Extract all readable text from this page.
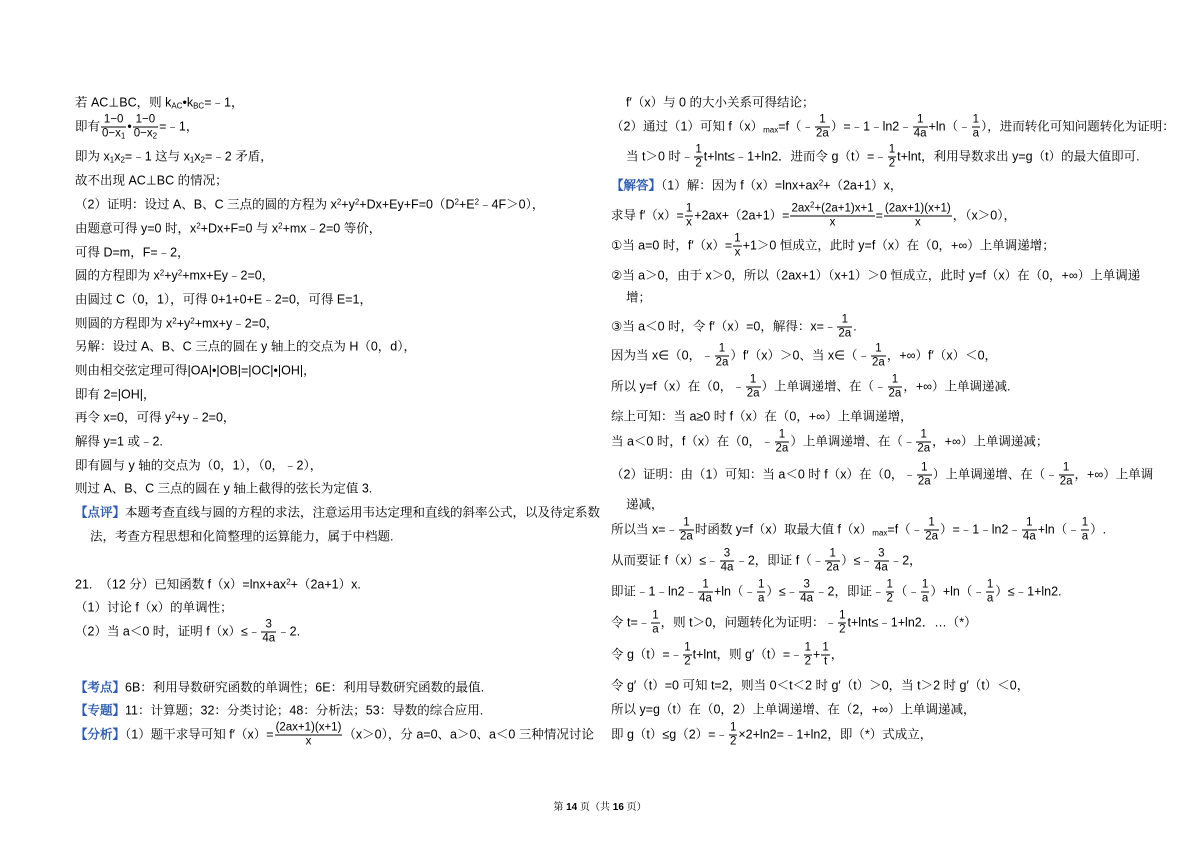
若 AC⊥BC，则 $k_{AC}•k_{BC}=﹣1$，
即有 $\frac{1-0}{0-x_1}$ • $\frac{1-0}{0-x_2}$ =﹣1，
即为 $x_1x_2=﹣1$ 这与 $x_1x_2=﹣2$ 矛盾，
故不出现 AC⊥BC 的情况；
（2）证明：设过 A、B、C 三点的圆的方程为 $x^2+y^2+Dx+Ey+F=0(D^2+E^2﹣4F>0)$，
由题意可得 y=0 时，$x^2+Dx+F=0$ 与 $x^2+mx﹣2=0$ 等价，
可得 D=m，F=﹣2，
圆的方程即为 $x^2+y^2+mx+Ey﹣2=0$，
由圆过 C（0，1），可得 0+1+0+E﹣2=0，可得 E=1，
则圆的方程即为 $x^2+y^2+mx+y﹣2=0$，
另解：设过 A、B、C 三点的圆在 y 轴上的交点为 H（0，d），
则由相交弦定理可得|OA|•|OB|=|OC|•|OH|，
即有 2=|OH|，
再令 x=0，可得 $y^2+y﹣2=0$，
解得 y=1 或﹣2.
即有圆与 y 轴的交点为（0，1），（0，﹣2），
则过 A、B、C 三点的圆在 y 轴上截得的弦长为定值 3.
【点评】本题考查直线与圆的方程的求法，注意运用韦达定理和直线的斜率公式，以及待定系数
法，考查方程思想和化简整理的运算能力，属于中档题.
21.  （12 分）已知函数 $f(x)=\ln x+ax^2+(2a+1)x$.
（1）讨论 f（x）的单调性；
（2）当 a＜0 时，证明 f（x）≤﹣ $\frac{3}{4a}$ ﹣2.
【考点】6B：利用导数研究函数的单调性；6E：利用导数研究函数的最值.
【专题】11：计算题；32：分类讨论；48：分析法；53：导数的综合应用.
【分析】（1）题干求导可知 $f'(x)= \frac{(2ax+1)(x+1)}{x} (x>0)$，分 a=0、a＞0、a＜0 三种情况讨论
f′（x）与 0 的大小关系可得结论；
（2）通过（1）可知 $f(x)_{max}=f(﹣ \frac{1}{2a}$ ）=﹣1﹣ln2﹣ $\frac{1}{4a}$ +ln（﹣ $\frac{1}{a}$ ），进而转化可知问题转化为证明：
当 t＞0 时﹣ $\frac{1}{2}$ t+lnt≤﹣1+ln2．进而令 g（t）=﹣ $\frac{1}{2} t+\ln t$，利用导数求出 y=g（t）的最大值即可.
【解答】（1）解：因为 $f(x)=\ln x+ax^2+(2a+1)x$，
求导 $f'(x)= \frac{1}{x} +2ax+(2a+1)= \frac{2ax^2+(2a+1)x+1}{x} = \frac{(2ax+1)(x+1)}{x}$ ，（x＞0），
①当 a=0 时，$f'(x)= \frac{1}{x} +1>0$ 恒成立，此时 y=f（x）在（0，+∞）上单调递增；
②当 a＞0，由于 x＞0，所以（2ax+1）（x+1）＞0 恒成立，此时 y=f（x）在（0，+∞）上单调递
增；
③当 a＜0 时，令 f′（x）=0，解得：x=﹣ $\frac{1}{2a}$ .
因为当 x∈（0，﹣ $\frac{1}{2a} )f'(x)>0$、当 x∈（﹣ $\frac{1}{2a}$ ，+∞）f′（x）＜0，
所以 y=f（x）在（0，﹣ $\frac{1}{2a}$ ）上单调递增、在（﹣ $\frac{1}{2a}$ ，+∞）上单调递减.
综上可知：当 a≥0 时 f（x）在（0，+∞）上单调递增，
当 a＜0 时，f（x）在（0，﹣ $\frac{1}{2a}$ ）上单调递增、在（﹣ $\frac{1}{2a}$ ，+∞）上单调递减；
（2）证明：由（1）可知：当 a＜0 时 f（x）在（0，﹣ $\frac{1}{2a}$ ）上单调递增、在（﹣ $\frac{1}{2a}$ ，+∞）上单调
递减，
所以当 x=﹣ $\frac{1}{2a}$ 时函数 y=f（x）取最大值 $f(x)_{max}=f(﹣ \frac{1}{2a}$ ）=﹣1﹣ln2﹣ $\frac{1}{4a}$ +ln（﹣ $\frac{1}{a}$ ）.
从而要证 f（x）≤﹣ $\frac{3}{4a}$ ﹣2，即证 f（﹣ $\frac{1}{2a}$ ）≤﹣ $\frac{3}{4a}$ ﹣2，
即证﹣1﹣ln2﹣ $\frac{1}{4a}$ +ln（﹣ $\frac{1}{a}$ ）≤﹣ $\frac{3}{4a}$ ﹣2，即证﹣ $\frac{1}{2}$ （﹣ $\frac{1}{a}$ ）+ln（﹣ $\frac{1}{a}$ ）≤﹣1+ln2.
令 t=﹣ $\frac{1}{a}$ ，则 t＞0，问题转化为证明：﹣ $\frac{1}{2}$ t+lnt≤﹣1+ln2．…（*）
令 g（t）=﹣ $\frac{1}{2} t+\ln t$，则 g′（t）=﹣ $\frac{1}{2} + \frac{1}{t}$ ，
令 g′（t）=0 可知 t=2，则当 0＜t＜2 时 g′（t）＞0，当 t＞2 时 g′（t）＜0，
所以 y=g（t）在（0，2）上单调递增、在（2，+∞）上单调递减，
即 g（t）≤g（2）=﹣ $\frac{1}{2}$ ×2+ln2=﹣1+ln2，即（*）式成立，
第 14 页（共 16 页）
